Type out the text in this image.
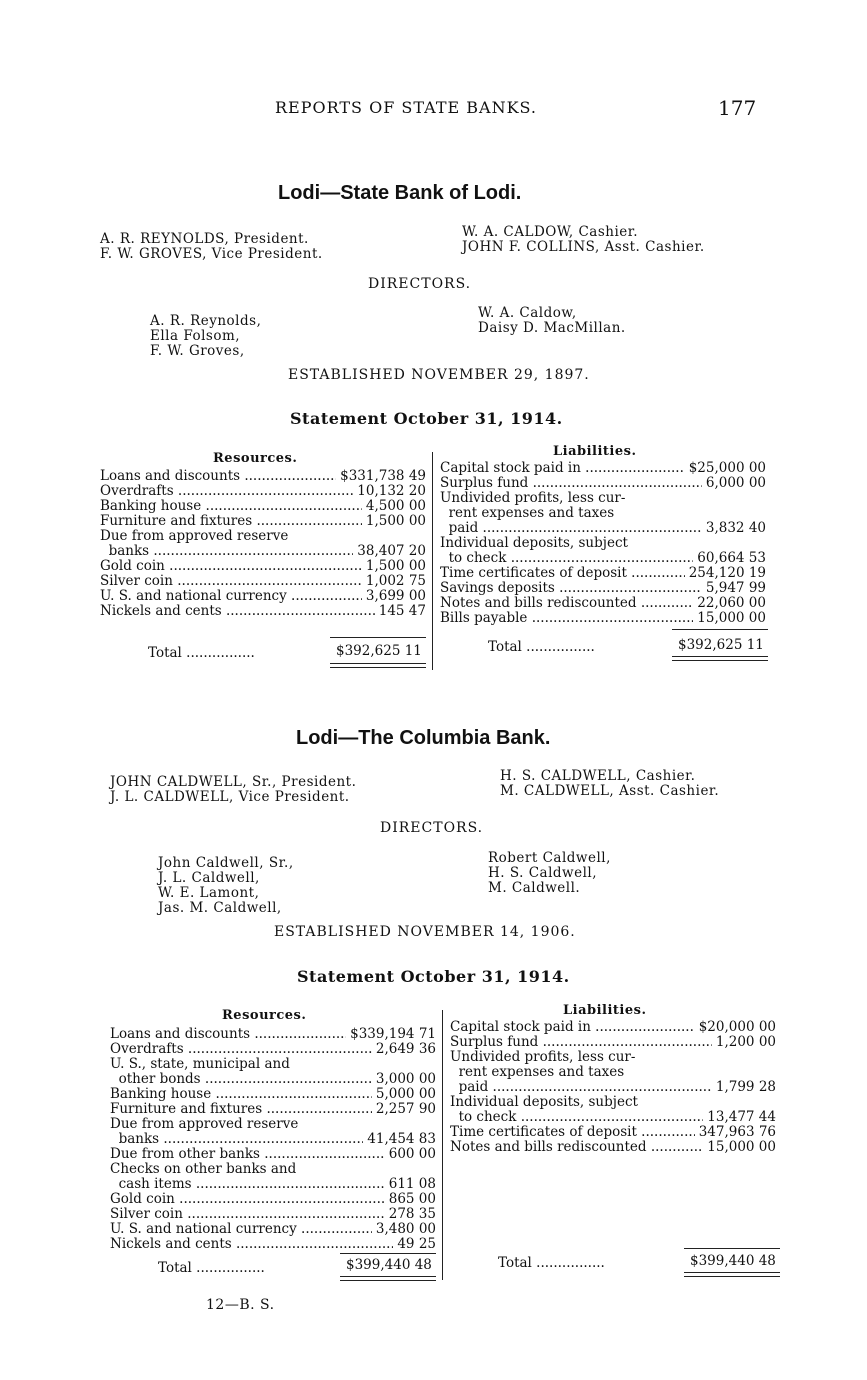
REPORTS OF STATE BANKS.	177
Lodi—State Bank of Lodi.
A. R. REYNOLDS, President.
F. W. GROVES, Vice President.
W. A. CALDOW, Cashier.
JOHN F. COLLINS, Asst. Cashier.
DIRECTORS.
A. R. Reynolds,
Ella Folsom,
F. W. Groves,
W. A. Caldow,
Daisy D. MacMillan.
ESTABLISHED NOVEMBER 29, 1897.
Statement October 31, 1914.
Resources.	Liabilities.
Loans and discounts .....	$331,738 49
Overdrafts .....	10,132 20
Banking house .....	4,500 00
Furniture and fixtures .....	1,500 00
Due from approved reserve
banks .....	38,407 20
Gold coin .....	1,500 00
Silver coin .....	1,002 75
U. S. and national currency .....	3,699 00
Nickels and cents .....	145 47
Capital stock paid in .....	$25,000 00
Surplus fund .....	6,000 00
Undivided profits, less cur-
rent expenses and taxes
paid .....	3,832 40
Individual deposits, subject
to check .....	60,664 53
Time certificates of deposit .....	254,120 19
Savings deposits .....	5,947 99
Notes and bills rediscounted .....	22,060 00
Bills payable .....	15,000 00
Total ................	$392,625 11	Total ................	$392,625 11
Lodi—The Columbia Bank.
JOHN CALDWELL, Sr., President.
J. L. CALDWELL, Vice President.
H. S. CALDWELL, Cashier.
M. CALDWELL, Asst. Cashier.
DIRECTORS.
John Caldwell, Sr.,
J. L. Caldwell,
W. E. Lamont,
Jas. M. Caldwell,
Robert Caldwell,
H. S. Caldwell,
M. Caldwell.
ESTABLISHED NOVEMBER 14, 1906.
Statement October 31, 1914.
Resources.	Liabilities.
Loans and discounts .....	$339,194 71
Overdrafts .....	2,649 36
U. S., state, municipal and
other bonds .....	3,000 00
Banking house .....	5,000 00
Furniture and fixtures .....	2,257 90
Due from approved reserve
banks .....	41,454 83
Due from other banks .....	600 00
Checks on other banks and
cash items .....	611 08
Gold coin .....	865 00
Silver coin .....	278 35
U. S. and national currency .....	3,480 00
Nickels and cents .....	49 25
Capital stock paid in .....	$20,000 00
Surplus fund .....	1,200 00
Undivided profits, less cur-
rent expenses and taxes
paid .....	1,799 28
Individual deposits, subject
to check .....	13,477 44
Time certificates of deposit .....	347,963 76
Notes and bills rediscounted .....	15,000 00
Total ................	$399,440 48	Total ................	$399,440 48
12—B. S.
